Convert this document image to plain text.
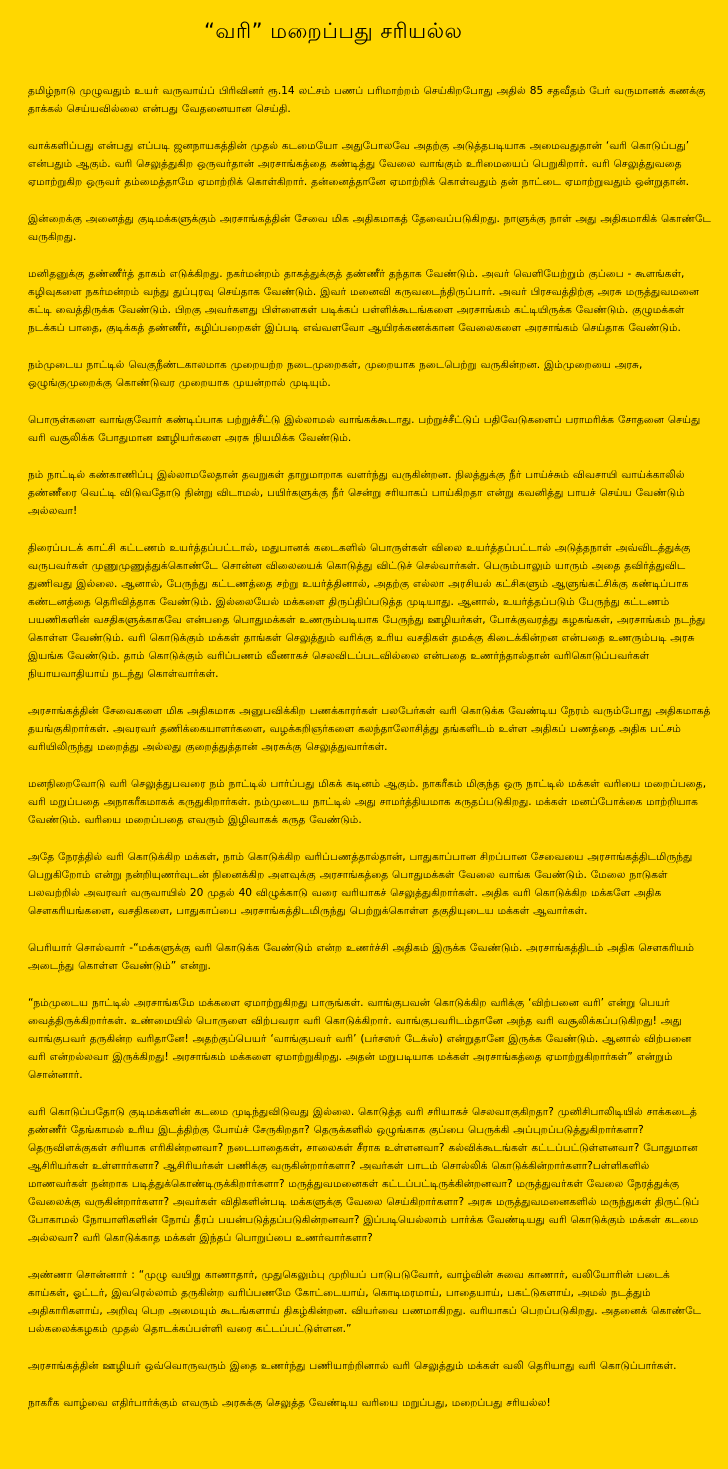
“வரி” மறைப்பது சரியல்ல

தமிழ்நாடு முழுவதும் உயர் வருவாய்ப் பிரிவினர் ரூ.14 லட்சம் பணப் பரிமாற்றம் செய்கிறபோது அதில் 85 சதவீதம் பேர் வருமானக் கணக்கு தாக்கல் செய்யவில்லை என்பது வேதனையான செய்தி.

வாக்களிப்பது என்பது எப்படி ஜனநாயகத்தின் முதல் கடமையோ அதுபோலவே அதற்கு அடுத்தபடியாக அமைவதுதான் ‘வரி கொடுப்பது’ என்பதும் ஆகும். வரி செலுத்துகிற ஒருவர்தான் அரசாங்கத்தை கண்டித்து வேலை வாங்கும் உரிமையைப் பெறுகிறார். வரி செலுத்துவதை ஏமாற்றுகிற ஒருவர் தம்மைத்தாமே ஏமாற்றிக் கொள்கிறார். தன்னைத்தானே ஏமாற்றிக் கொள்வதும் தன் நாட்டை ஏமாற்றுவதும் ஒன்றுதான்.

இன்றைக்கு அனைத்து குடிமக்களுக்கும் அரசாங்கத்தின் சேவை மிக அதிகமாகத் தேவைப்படுகிறது. நாளுக்கு நாள் அது அதிகமாகிக் கொண்டே வருகிறது.

மனிதனுக்கு தண்ணீர்த் தாகம் எடுக்கிறது. நகர்மன்றம் தாகத்துக்குத் தண்ணீர் தந்தாக வேண்டும். அவர் வெளியேற்றும் குப்பை - கூளங்கள், கழிவுகளை நகர்மன்றம் வந்து துப்புரவு செய்தாக வேண்டும். இவர் மனைவி கருவடைந்திருப்பார். அவர் பிரசவத்திற்கு அரசு மருத்துவமனை கட்டி வைத்திருக்க வேண்டும். பிறகு அவர்களது பிள்ளைகள் படிக்கப் பள்ளிக்கூடங்களை அரசாங்கம் கட்டியிருக்க வேண்டும். குழுமக்கள் நடக்கப் பாதை, குடிக்கத் தண்ணீர், கழிப்பறைகள் இப்படி எவ்வளவோ ஆயிரக்கணக்கான வேலைகளை அரசாங்கம் செய்தாக வேண்டும்.

நம்முடைய நாட்டில் வெகுநீண்டகாலமாக முறையற்ற நடைமுறைகள், முறையாக நடைபெற்று வருகின்றன. இம்முறையை அரசு, ஒழுங்குமுறைக்கு கொண்டுவர முறையாக முயன்றால் முடியும்.

பொருள்களை வாங்குவோர் கண்டிப்பாக பற்றுச்சீட்டு இல்லாமல் வாங்கக்கூடாது. பற்றுச்சீட்டுப் பதிவேடுகளைப் பராமரிக்க சோதனை செய்து வரி வசூலிக்க போதுமான ஊழியர்களை அரசு நியமிக்க வேண்டும்.

நம் நாட்டில் கண்காணிப்பு இல்லாமலேதான் தவறுகள் தாறுமாறாக வளர்ந்து வருகின்றன. நிலத்துக்கு நீர் பாய்ச்சும் விவசாயி வாய்க்காலில் தண்ணீரை வெட்டி விடுவதோடு நின்று விடாமல், பயிர்களுக்கு நீர் சென்று சரியாகப் பாய்கிறதா என்று கவனித்து பாயச் செய்ய வேண்டும் அல்லவா!

திரைப்படக் காட்சி கட்டணம் உயர்த்தப்பட்டால், மதுபானக் கடைகளில் பொருள்கள் விலை உயர்த்தப்பட்டால் அடுத்தநாள் அவ்விடத்துக்கு வருபவர்கள் முணுமுணுத்துக்கொண்டே சொன்ன விலையைக் கொடுத்து விட்டுச் செல்வார்கள். பெரும்பாலும் யாரும் அதை தவிர்த்துவிட துணிவது இல்லை. ஆனால், பேருந்து கட்டணத்தை சற்று உயர்த்தினால், அதற்கு எல்லா அரசியல் கட்சிகளும் ஆளுங்கட்சிக்கு கண்டிப்பாக கண்டனத்தை தெரிவித்தாக வேண்டும். இல்லையேல் மக்களை திருப்திப்படுத்த முடியாது. ஆனால், உயர்த்தப்படும் பேருந்து கட்டணம் பயணிகளின் வசதிகளுக்காகவே என்பதை பொதுமக்கள் உணரும்படியாக பேருந்து ஊழியர்கள், போக்குவரத்து கழகங்கள், அரசாங்கம் நடந்து கொள்ள வேண்டும். வரி கொடுக்கும் மக்கள் தாங்கள் செலுத்தும் வரிக்கு உரிய வசதிகள் தமக்கு கிடைக்கின்றன என்பதை உணரும்படி அரசு இயங்க வேண்டும். தாம் கொடுக்கும் வரிப்பணம் வீணாகச் செலவிடப்படவில்லை என்பதை உணர்ந்தால்தான் வரிகொடுப்பவர்கள் நியாயவாதியாய் நடந்து கொள்வார்கள்.

அரசாங்கத்தின் சேவைகளை மிக அதிகமாக அனுபவிக்கிற பணக்காரர்கள் பலபேர்கள் வரி கொடுக்க வேண்டிய நேரம் வரும்போது அதிகமாகத் தயங்குகிறார்கள். அவரவர் தணிக்கையாளர்களை, வழக்கறிஞர்களை கலந்தாலோசித்து தங்களிடம் உள்ள அதிகப் பணத்தை அதிக பட்சம் வரியிலிருந்து மறைத்து அல்லது குறைத்துத்தான் அரசுக்கு செலுத்துவார்கள்.

மனநிறைவோடு வரி செலுத்துபவரை நம் நாட்டில் பார்ப்பது மிகக் கடினம் ஆகும். நாகரீகம் மிகுந்த ஒரு நாட்டில் மக்கள் வரியை மறைப்பதை, வரி மறுப்பதை அநாகரீகமாகக் கருதுகிறார்கள். நம்முடைய நாட்டில் அது சாமர்த்தியமாக கருதப்படுகிறது. மக்கள் மனப்போக்கை மாற்றியாக வேண்டும். வரியை மறைப்பதை எவரும் இழிவாகக் கருத வேண்டும்.

அதே நேரத்தில் வரி கொடுக்கிற மக்கள், நாம் கொடுக்கிற வரிப்பணத்தால்தான், பாதுகாப்பான சிறப்பான சேவையை அரசாங்கத்திடமிருந்து பெறுகிறோம் என்று நன்றியுணர்வுடன் நினைக்கிற அளவுக்கு அரசாங்கத்தை பொதுமக்கள் வேலை வாங்க வேண்டும். மேலை நாடுகள் பலவற்றில் அவரவர் வருவாயில் 20 முதல் 40 விழுக்காடு வரை வரியாகச் செலுத்துகிறார்கள். அதிக வரி கொடுக்கிற மக்களே அதிக சௌகரியங்களை, வசதிகளை, பாதுகாப்பை அரசாங்கத்திடமிருந்து பெற்றுக்கொள்ள தகுதியுடைய மக்கள் ஆவார்கள்.

பெரியார் சொல்வார் -“மக்களுக்கு வரி கொடுக்க வேண்டும் என்ற உணர்ச்சி அதிகம் இருக்க வேண்டும். அரசாங்கத்திடம் அதிக சௌகரியம் அடைந்து கொள்ள வேண்டும்” என்று.

“நம்முடைய நாட்டில் அரசாங்கமே மக்களை ஏமாற்றுகிறது பாருங்கள். வாங்குபவன் கொடுக்கிற வரிக்கு ‘விற்பனை வரி’ என்று பெயர் வைத்திருக்கிறார்கள். உண்மையில் பொருளை விற்பவரா வரி கொடுக்கிறார். வாங்குபவரிடம்தானே அந்த வரி வசூலிக்கப்படுகிறது! அது வாங்குபவர் தருகின்ற வரிதானே! அதற்குப்பெயர் ‘வாங்குபவர் வரி’ (பர்சஸர் டேக்ஸ்) என்றுதானே இருக்க வேண்டும். ஆனால் விற்பனை வரி என்றல்லவா இருக்கிறது! அரசாங்கம் மக்களை ஏமாற்றுகிறது. அதன் மறுபடியாக மக்கள் அரசாங்கத்தை ஏமாற்றுகிறார்கள்” என்றும் சொன்னார்.

வரி கொடுப்பதோடு குடிமக்களின் கடமை முடிந்துவிடுவது இல்லை. கொடுத்த வரி சரியாகச் செலவாகுகிறதா? முனிசிபாலிடியில் சாக்கடைத் தண்ணீர் தேங்காமல் உரிய இடத்திற்கு போய்ச் சேருகிறதா? தெருக்களில் ஒழுங்காக குப்பை பெருக்கி அப்புறப்படுத்துகிறார்களா? தெருவிளக்குகள் சரியாக எரிகின்றனவா? நடைபாதைகள், சாலைகள் சீராக உள்ளனவா? கல்விக்கூடங்கள் கட்டப்பட்டுள்ளனவா? போதுமான ஆசிரியர்கள் உள்ளார்களா? ஆசிரியர்கள் பணிக்கு வருகின்றார்களா? அவர்கள் பாடம் சொல்லிக் கொடுக்கின்றார்களா?பள்ளிகளில் மாணவர்கள் நன்றாக படித்துக்கொண்டிருக்கிறார்களா? மருத்துவமனைகள் கட்டப்பட்டிருக்கின்றனவா? மருத்துவர்கள் வேலை நேரத்துக்கு வேலைக்கு வருகின்றார்களா? அவர்கள் விதிகளின்படி மக்களுக்கு வேலை செய்கிறார்களா? அரசு மருத்துவமனைகளில் மருந்துகள் திருட்டுப் போகாமல் நோயாளிகளின் நோய் தீரப் பயன்படுத்தப்படுகின்றனவா? இப்படியெல்லாம் பார்க்க வேண்டியது வரி கொடுக்கும் மக்கள் கடமை அல்லவா? வரி கொடுக்காத மக்கள் இந்தப் பொறுப்பை உணர்வார்களா?

அண்ணா சொன்னார் : “முழு வயிறு காணாதார், முதுகெலும்பு முறியப் பாடுபடுவோர், வாழ்வின் சுவை காணார், வலியோரின் படைக் காய்கள், ஓட்டர், இவரெல்லாம் தருகின்ற வரிப்பணமே கோட்டையாய், கொடிமரமாய், பாதையாய், பகட்டுகளாய், அமல் நடத்தும் அதிகாரிகளாய், அறிவு பெற அமையும் கூடங்களாய் திகழ்கின்றன. வியர்வை பணமாகிறது. வரியாகப் பெறப்படுகிறது. அதனைக் கொண்டே பல்கலைக்கழகம் முதல் தொடக்கப்பள்ளி வரை கட்டப்பட்டுள்ளன.”

அரசாங்கத்தின் ஊழியர் ஒவ்வொருவரும் இதை உணர்ந்து பணியாற்றினால் வரி செலுத்தும் மக்கள் வலி தெரியாது வரி கொடுப்பார்கள்.

நாகரீக வாழ்வை எதிர்பார்க்கும் எவரும் அரசுக்கு செலுத்த வேண்டிய வரியை மறுப்பது, மறைப்பது சரியல்ல!
